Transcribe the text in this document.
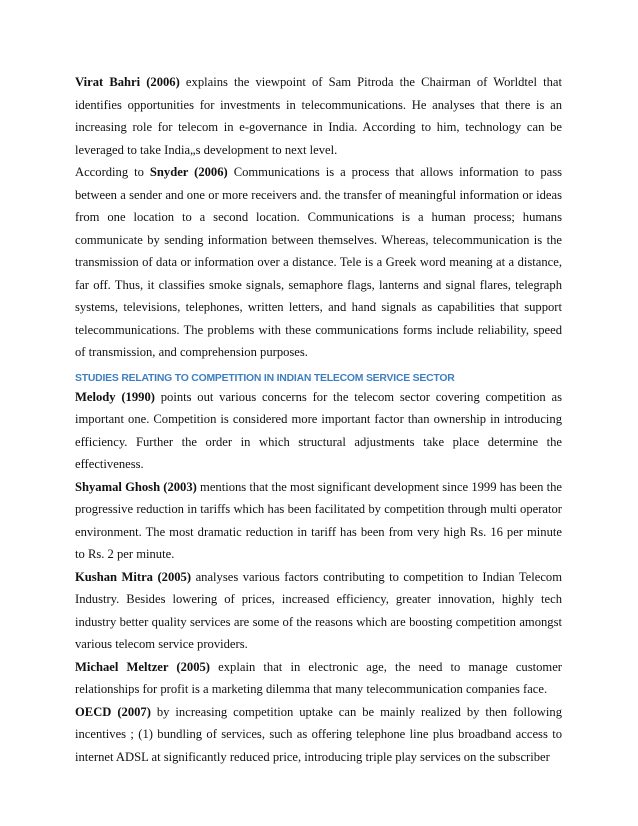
Virat Bahri (2006) explains the viewpoint of Sam Pitroda the Chairman of Worldtel that identifies opportunities for investments in telecommunications. He analyses that there is an increasing role for telecom in e-governance in India. According to him, technology can be leveraged to take India„s development to next level.

According to Snyder (2006) Communications is a process that allows information to pass between a sender and one or more receivers and. the transfer of meaningful information or ideas from one location to a second location. Communications is a human process; humans communicate by sending information between themselves. Whereas, telecommunication is the transmission of data or information over a distance. Tele is a Greek word meaning at a distance, far off. Thus, it classifies smoke signals, semaphore flags, lanterns and signal flares, telegraph systems, televisions, telephones, written letters, and hand signals as capabilities that support telecommunications. The problems with these communications forms include reliability, speed of transmission, and comprehension purposes.

STUDIES RELATING TO COMPETITION IN INDIAN TELECOM SERVICE SECTOR

Melody (1990) points out various concerns for the telecom sector covering competition as important one. Competition is considered more important factor than ownership in introducing efficiency. Further the order in which structural adjustments take place determine the effectiveness.

Shyamal Ghosh (2003) mentions that the most significant development since 1999 has been the progressive reduction in tariffs which has been facilitated by competition through multi operator environment. The most dramatic reduction in tariff has been from very high Rs. 16 per minute to Rs. 2 per minute.

Kushan Mitra (2005) analyses various factors contributing to competition to Indian Telecom Industry. Besides lowering of prices, increased efficiency, greater innovation, highly tech industry better quality services are some of the reasons which are boosting competition amongst various telecom service providers.

Michael Meltzer (2005) explain that in electronic age, the need to manage customer relationships for profit is a marketing dilemma that many telecommunication companies face.

OECD (2007) by increasing competition uptake can be mainly realized by then following incentives ; (1) bundling of services, such as offering telephone line plus broadband access to internet ADSL at significantly reduced price, introducing triple play services on the subscriber
